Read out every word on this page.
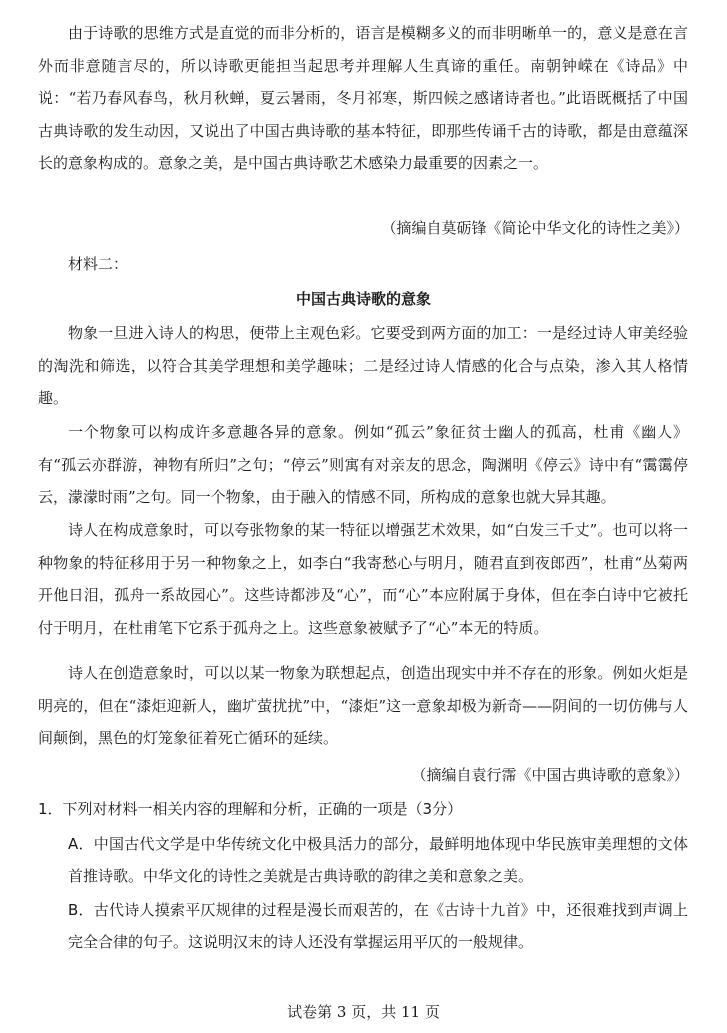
由于诗歌的思维方式是直觉的而非分析的，语言是模糊多义的而非明晰单一的，意义是意在言外而非意随言尽的，所以诗歌更能担当起思考并理解人生真谛的重任。南朝钟嵘在《诗品》中说：“若乃春风春鸟，秋月秋蝉，夏云暑雨，冬月祁寒，斯四候之感诸诗者也。”此语既概括了中国古典诗歌的发生动因，又说出了中国古典诗歌的基本特征，即那些传诵千古的诗歌，都是由意蕴深长的意象构成的。意象之美，是中国古典诗歌艺术感染力最重要的因素之一。

（摘编自莫砺锋《简论中华文化的诗性之美》）

材料二：

中国古典诗歌的意象

物象一旦进入诗人的构思，便带上主观色彩。它要受到两方面的加工：一是经过诗人审美经验的淘洗和筛选，以符合其美学理想和美学趣味；二是经过诗人情感的化合与点染，渗入其人格情趣。

一个物象可以构成许多意趣各异的意象。例如“孤云”象征贫士幽人的孤高，杜甫《幽人》有“孤云亦群游，神物有所归”之句；“停云”则寓有对亲友的思念，陶渊明《停云》诗中有“霭霭停云，濛濛时雨”之句。同一个物象，由于融入的情感不同，所构成的意象也就大异其趣。

诗人在构成意象时，可以夸张物象的某一特征以增强艺术效果，如“白发三千丈”。也可以将一种物象的特征移用于另一种物象之上，如李白“我寄愁心与明月，随君直到夜郎西”，杜甫“丛菊两开他日泪，孤舟一系故园心”。这些诗都涉及“心”，而“心”本应附属于身体，但在李白诗中它被托付于明月，在杜甫笔下它系于孤舟之上。这些意象被赋予了“心”本无的特质。

诗人在创造意象时，可以以某一物象为联想起点，创造出现实中并不存在的形象。例如火炬是明亮的，但在“漆炬迎新人，幽圹萤扰扰”中，“漆炬”这一意象却极为新奇——阴间的一切仿佛与人间颠倒，黑色的灯笼象征着死亡循环的延续。

（摘编自袁行霈《中国古典诗歌的意象》）

1．下列对材料一相关内容的理解和分析，正确的一项是（3分）

A．中国古代文学是中华传统文化中极具活力的部分，最鲜明地体现中华民族审美理想的文体首推诗歌。中华文化的诗性之美就是古典诗歌的韵律之美和意象之美。

B．古代诗人摸索平仄规律的过程是漫长而艰苦的，在《古诗十九首》中，还很难找到声调上完全合律的句子。这说明汉末的诗人还没有掌握运用平仄的一般规律。

试卷第 3 页，共 11 页
